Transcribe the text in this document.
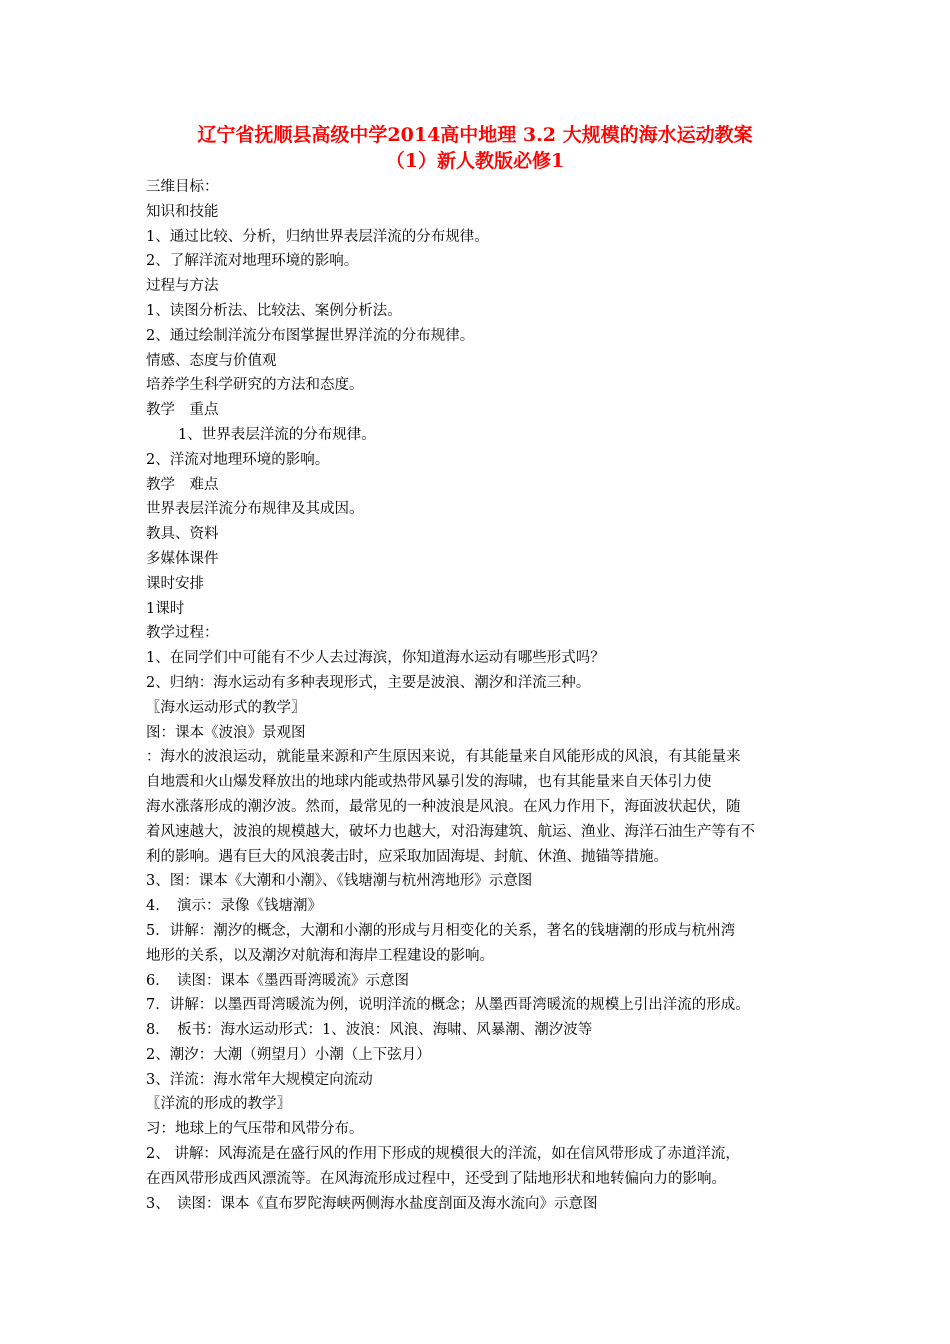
辽宁省抚顺县高级中学2014高中地理 3.2 大规模的海水运动教案
（1）新人教版必修1
三维目标：
知识和技能
1、通过比较、分析，归纳世界表层洋流的分布规律。
2、了解洋流对地理环境的影响。
过程与方法
1、读图分析法、比较法、案例分析法。
2、通过绘制洋流分布图掌握世界洋流的分布规律。
情感、态度与价值观
培养学生科学研究的方法和态度。
教学　重点
1、世界表层洋流的分布规律。
2、洋流对地理环境的影响。
教学　难点
世界表层洋流分布规律及其成因。
教具、资料
多媒体课件
课时安排
1课时
教学过程：
1、在同学们中可能有不少人去过海滨，你知道海水运动有哪些形式吗？
2、归纳：海水运动有多种表现形式，主要是波浪、潮汐和洋流三种。
〖海水运动形式的教学〗
图：课本《波浪》景观图
：海水的波浪运动，就能量来源和产生原因来说，有其能量来自风能形成的风浪，有其能量来
自地震和火山爆发释放出的地球内能或热带风暴引发的海啸，也有其能量来自天体引力使
海水涨落形成的潮汐波。然而，最常见的一种波浪是风浪。在风力作用下，海面波状起伏，随
着风速越大，波浪的规模越大，破坏力也越大，对沿海建筑、航运、渔业、海洋石油生产等有不
利的影响。遇有巨大的风浪袭击时，应采取加固海堤、封航、休渔、抛锚等措施。
3、图：课本《大潮和小潮》、《钱塘潮与杭州湾地形》示意图
4．　演示：录像《钱塘潮》
5．讲解：潮汐的概念，大潮和小潮的形成与月相变化的关系，著名的钱塘潮的形成与杭州湾
地形的关系，以及潮汐对航海和海岸工程建设的影响。
6．　读图：课本《墨西哥湾暖流》示意图
7．讲解：以墨西哥湾暖流为例，说明洋流的概念；从墨西哥湾暖流的规模上引出洋流的形成。
8．　板书：海水运动形式：1、波浪：风浪、海啸、风暴潮、潮汐波等
2、潮汐：大潮（朔望月）小潮（上下弦月）
3、洋流：海水常年大规模定向流动
〖洋流的形成的教学〗
习：地球上的气压带和风带分布。
2、 讲解：风海流是在盛行风的作用下形成的规模很大的洋流，如在信风带形成了赤道洋流，
在西风带形成西风漂流等。在风海流形成过程中，还受到了陆地形状和地转偏向力的影响。
3、　读图：课本《直布罗陀海峡两侧海水盐度剖面及海水流向》示意图
